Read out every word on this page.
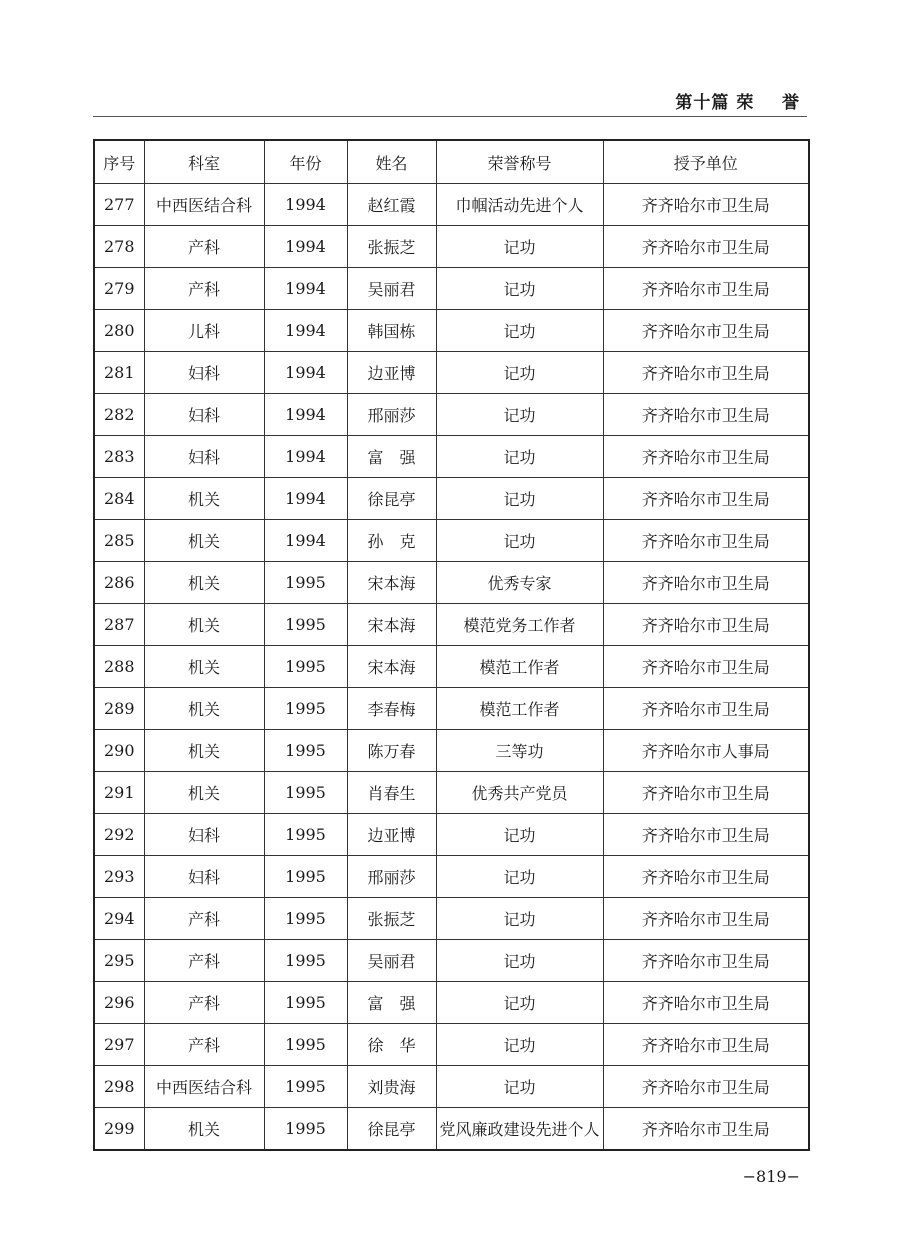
第十篇 荣    誉
序号	科室	年份	姓名	荣誉称号	授予单位
277	中西医结合科	1994	赵红霞	巾帼活动先进个人	齐齐哈尔市卫生局
278	产科	1994	张振芝	记功	齐齐哈尔市卫生局
279	产科	1994	吴丽君	记功	齐齐哈尔市卫生局
280	儿科	1994	韩国栋	记功	齐齐哈尔市卫生局
281	妇科	1994	边亚博	记功	齐齐哈尔市卫生局
282	妇科	1994	邢丽莎	记功	齐齐哈尔市卫生局
283	妇科	1994	富　强	记功	齐齐哈尔市卫生局
284	机关	1994	徐昆亭	记功	齐齐哈尔市卫生局
285	机关	1994	孙　克	记功	齐齐哈尔市卫生局
286	机关	1995	宋本海	优秀专家	齐齐哈尔市卫生局
287	机关	1995	宋本海	模范党务工作者	齐齐哈尔市卫生局
288	机关	1995	宋本海	模范工作者	齐齐哈尔市卫生局
289	机关	1995	李春梅	模范工作者	齐齐哈尔市卫生局
290	机关	1995	陈万春	三等功	齐齐哈尔市人事局
291	机关	1995	肖春生	优秀共产党员	齐齐哈尔市卫生局
292	妇科	1995	边亚博	记功	齐齐哈尔市卫生局
293	妇科	1995	邢丽莎	记功	齐齐哈尔市卫生局
294	产科	1995	张振芝	记功	齐齐哈尔市卫生局
295	产科	1995	吴丽君	记功	齐齐哈尔市卫生局
296	产科	1995	富　强	记功	齐齐哈尔市卫生局
297	产科	1995	徐　华	记功	齐齐哈尔市卫生局
298	中西医结合科	1995	刘贵海	记功	齐齐哈尔市卫生局
299	机关	1995	徐昆亭	党风廉政建设先进个人	齐齐哈尔市卫生局
−819−
